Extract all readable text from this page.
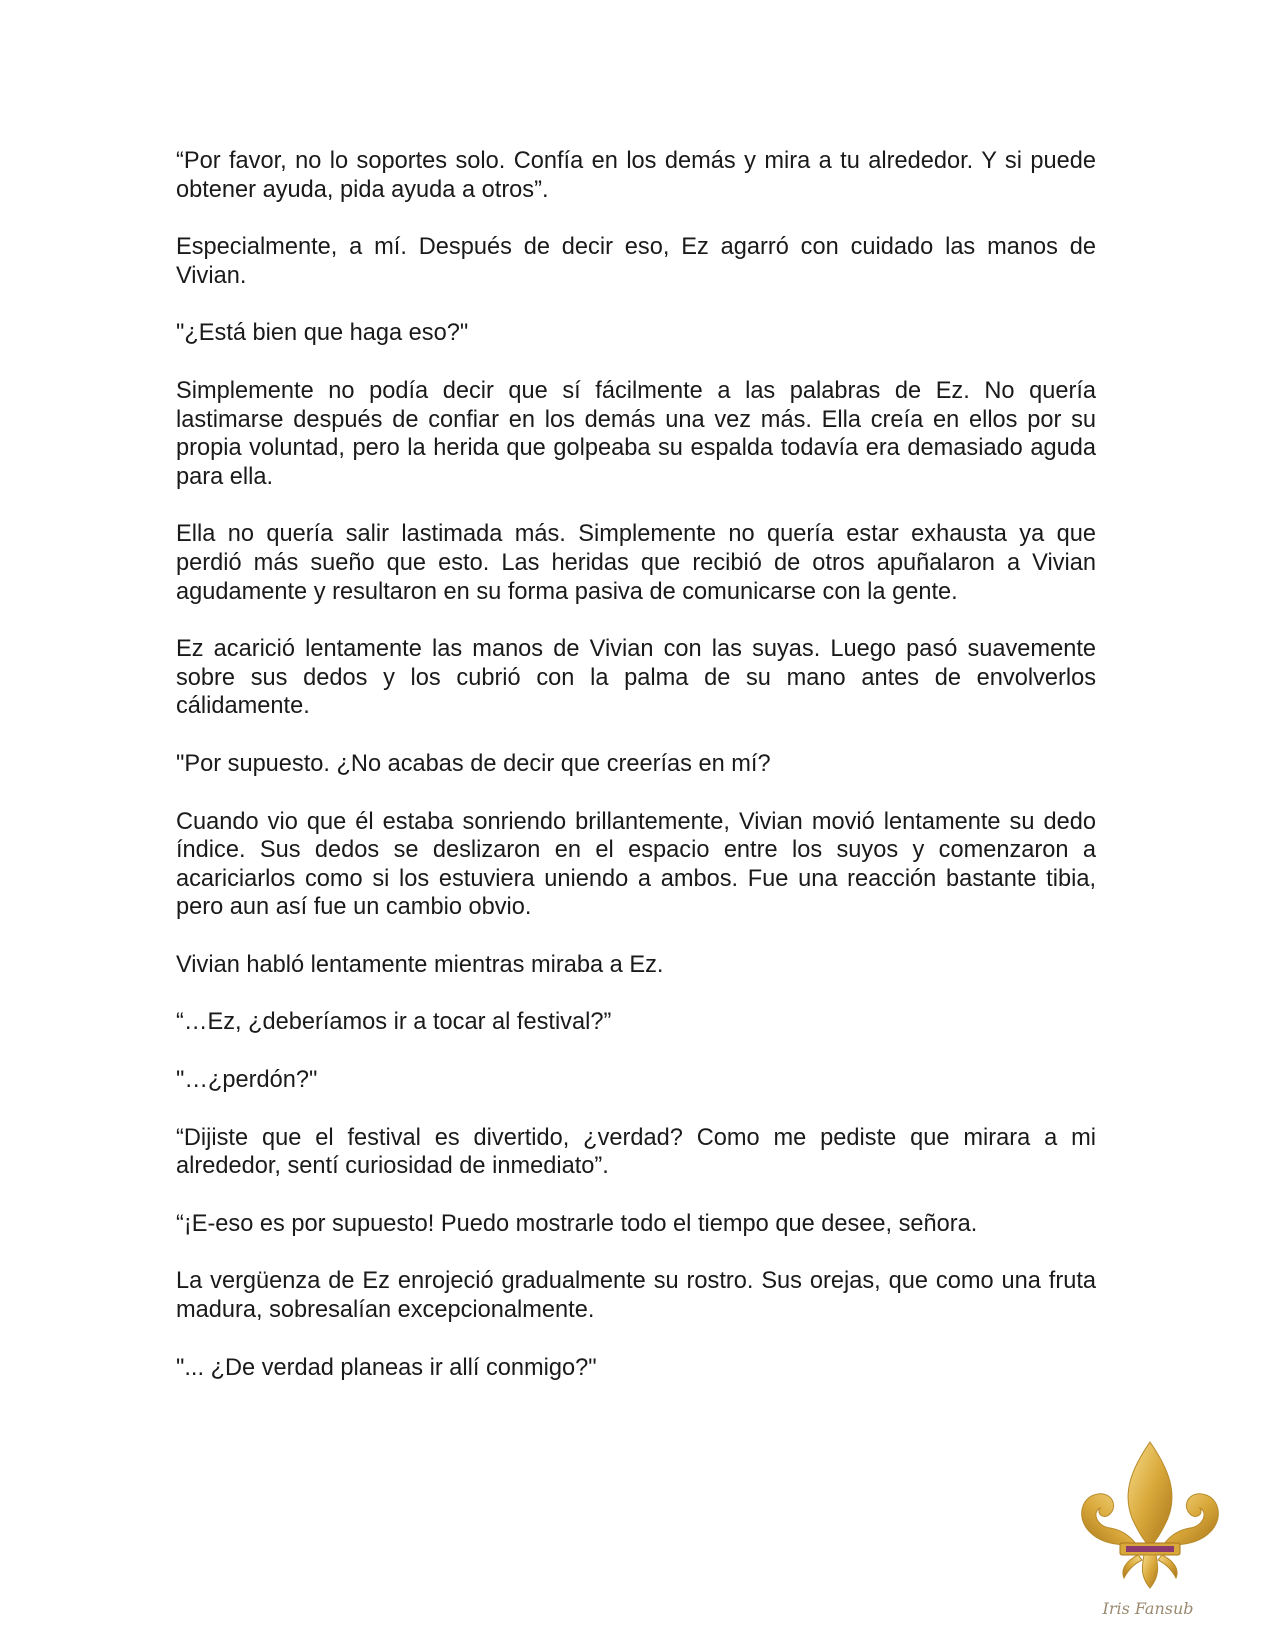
“Por favor, no lo soportes solo. Confía en los demás y mira a tu alrededor. Y si puede obtener ayuda, pida ayuda a otros”.

Especialmente, a mí. Después de decir eso, Ez agarró con cuidado las manos de Vivian.

"¿Está bien que haga eso?"

Simplemente no podía decir que sí fácilmente a las palabras de Ez. No quería lastimarse después de confiar en los demás una vez más. Ella creía en ellos por su propia voluntad, pero la herida que golpeaba su espalda todavía era demasiado aguda para ella.

Ella no quería salir lastimada más. Simplemente no quería estar exhausta ya que perdió más sueño que esto. Las heridas que recibió de otros apuñalaron a Vivian agudamente y resultaron en su forma pasiva de comunicarse con la gente.

Ez acarició lentamente las manos de Vivian con las suyas. Luego pasó suavemente sobre sus dedos y los cubrió con la palma de su mano antes de envolverlos cálidamente.

"Por supuesto. ¿No acabas de decir que creerías en mí?

Cuando vio que él estaba sonriendo brillantemente, Vivian movió lentamente su dedo índice. Sus dedos se deslizaron en el espacio entre los suyos y comenzaron a acariciarlos como si los estuviera uniendo a ambos. Fue una reacción bastante tibia, pero aun así fue un cambio obvio.

Vivian habló lentamente mientras miraba a Ez.

“…Ez, ¿deberíamos ir a tocar al festival?”

"…¿perdón?"

“Dijiste que el festival es divertido, ¿verdad? Como me pediste que mirara a mi alrededor, sentí curiosidad de inmediato”.

“¡E-eso es por supuesto! Puedo mostrarle todo el tiempo que desee, señora.

La vergüenza de Ez enrojeció gradualmente su rostro. Sus orejas, que como una fruta madura, sobresalían excepcionalmente.

"... ¿De verdad planeas ir allí conmigo?"

Iris Fansub
